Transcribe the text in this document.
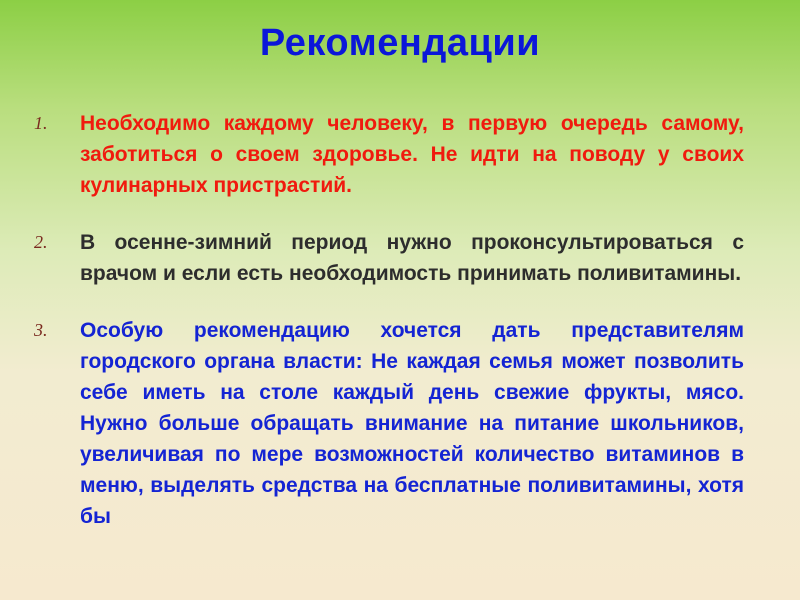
Рекомендации
1. Необходимо каждому человеку, в первую очередь самому, заботиться о своем здоровье. Не идти на поводу у своих кулинарных пристрастий.
2. В осенне-зимний период нужно проконсультироваться с врачом и если есть необходимость принимать поливитамины.
3. Особую рекомендацию хочется дать представителям городского органа власти: Не каждая семья может позволить себе иметь на столе каждый день свежие фрукты, мясо. Нужно больше обращать внимание на питание школьников, увеличивая по мере возможностей количество витаминов в меню, выделять средства на бесплатные поливитамины, хотя бы
